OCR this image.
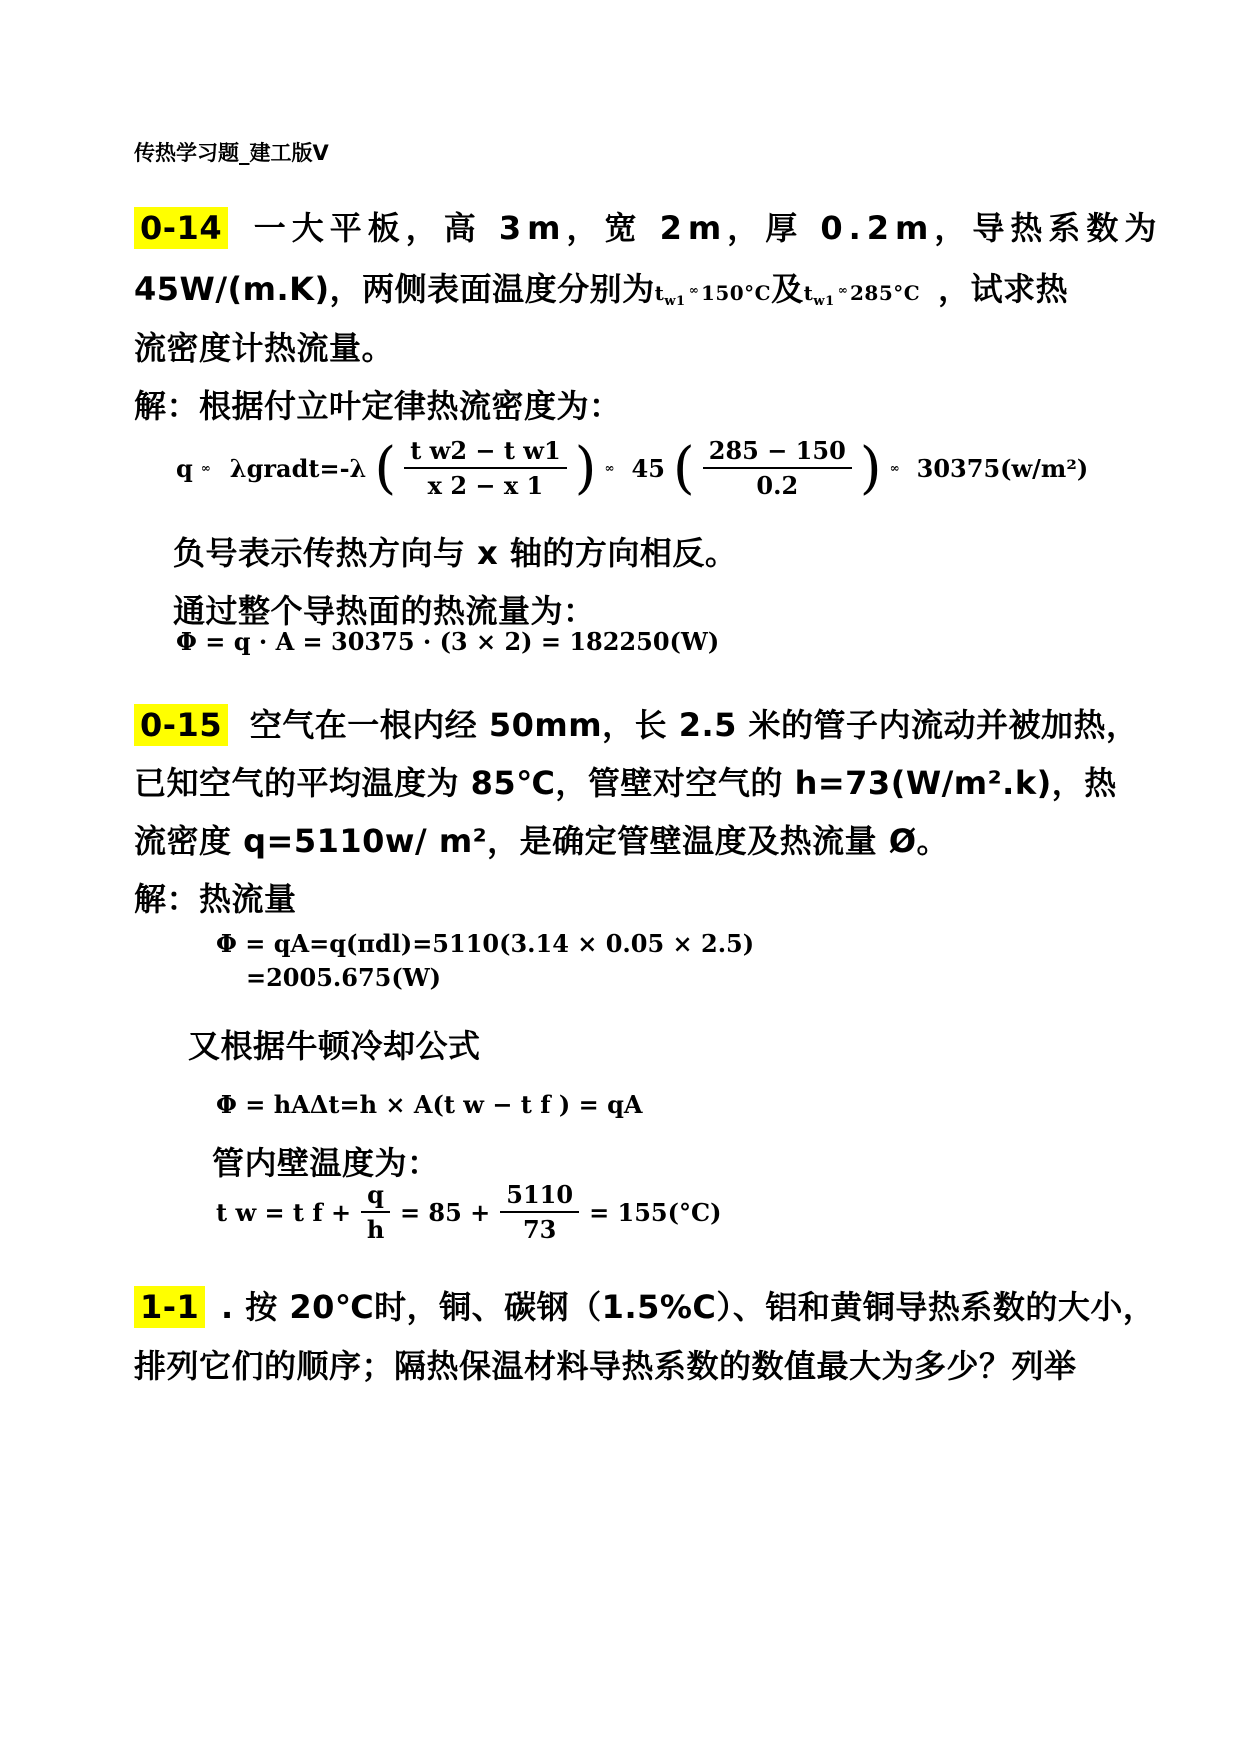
传热学习题_建工版Ⅴ
0-14 一大平板，高 3m，宽 2m，厚 0.2m，导热系数为
45W/(m.K)，两侧表面温度分别为$t_{w1}$ ∞ 150°C及$t_{w1}$ ∞ 285°C ，试求热
流密度计热流量。
解：根据付立叶定律热流密度为：
q ∞ λgradt=-λ ( $\frac{\text{t w2 − t w1}}{x 2 - x 1}$ ) ∞ 45 ( $\frac{285 - 150}{0.2}$ ) ∞ 30375(w/m²)
负号表示传热方向与 x 轴的方向相反。
通过整个导热面的热流量为：
Φ = q · A = 30375 · (3 × 2) = 182250(W)
0-15 空气在一根内经 50mm，长 2.5 米的管子内流动并被加热，
已知空气的平均温度为 85℃，管壁对空气的 h=73(W/m².k)，热
流密度 q=5110w/ m²，是确定管壁温度及热流量 Ø。
解：热流量
Φ = qA=q(πdl)=5110(3.14 × 0.05 × 2.5)
=2005.675(W)
又根据牛顿冷却公式
Φ = hAΔt=h × A(t w − t f ) = qA
管内壁温度为：
t w = t $f + \frac{q}{h} = 85 + \frac{5110}{73} = 155(^\circ C)$
1-1 . 按 20℃时，铜、碳钢（1.5%C）、铝和黄铜导热系数的大小，
排列它们的顺序；隔热保温材料导热系数的数值最大为多少？列举
